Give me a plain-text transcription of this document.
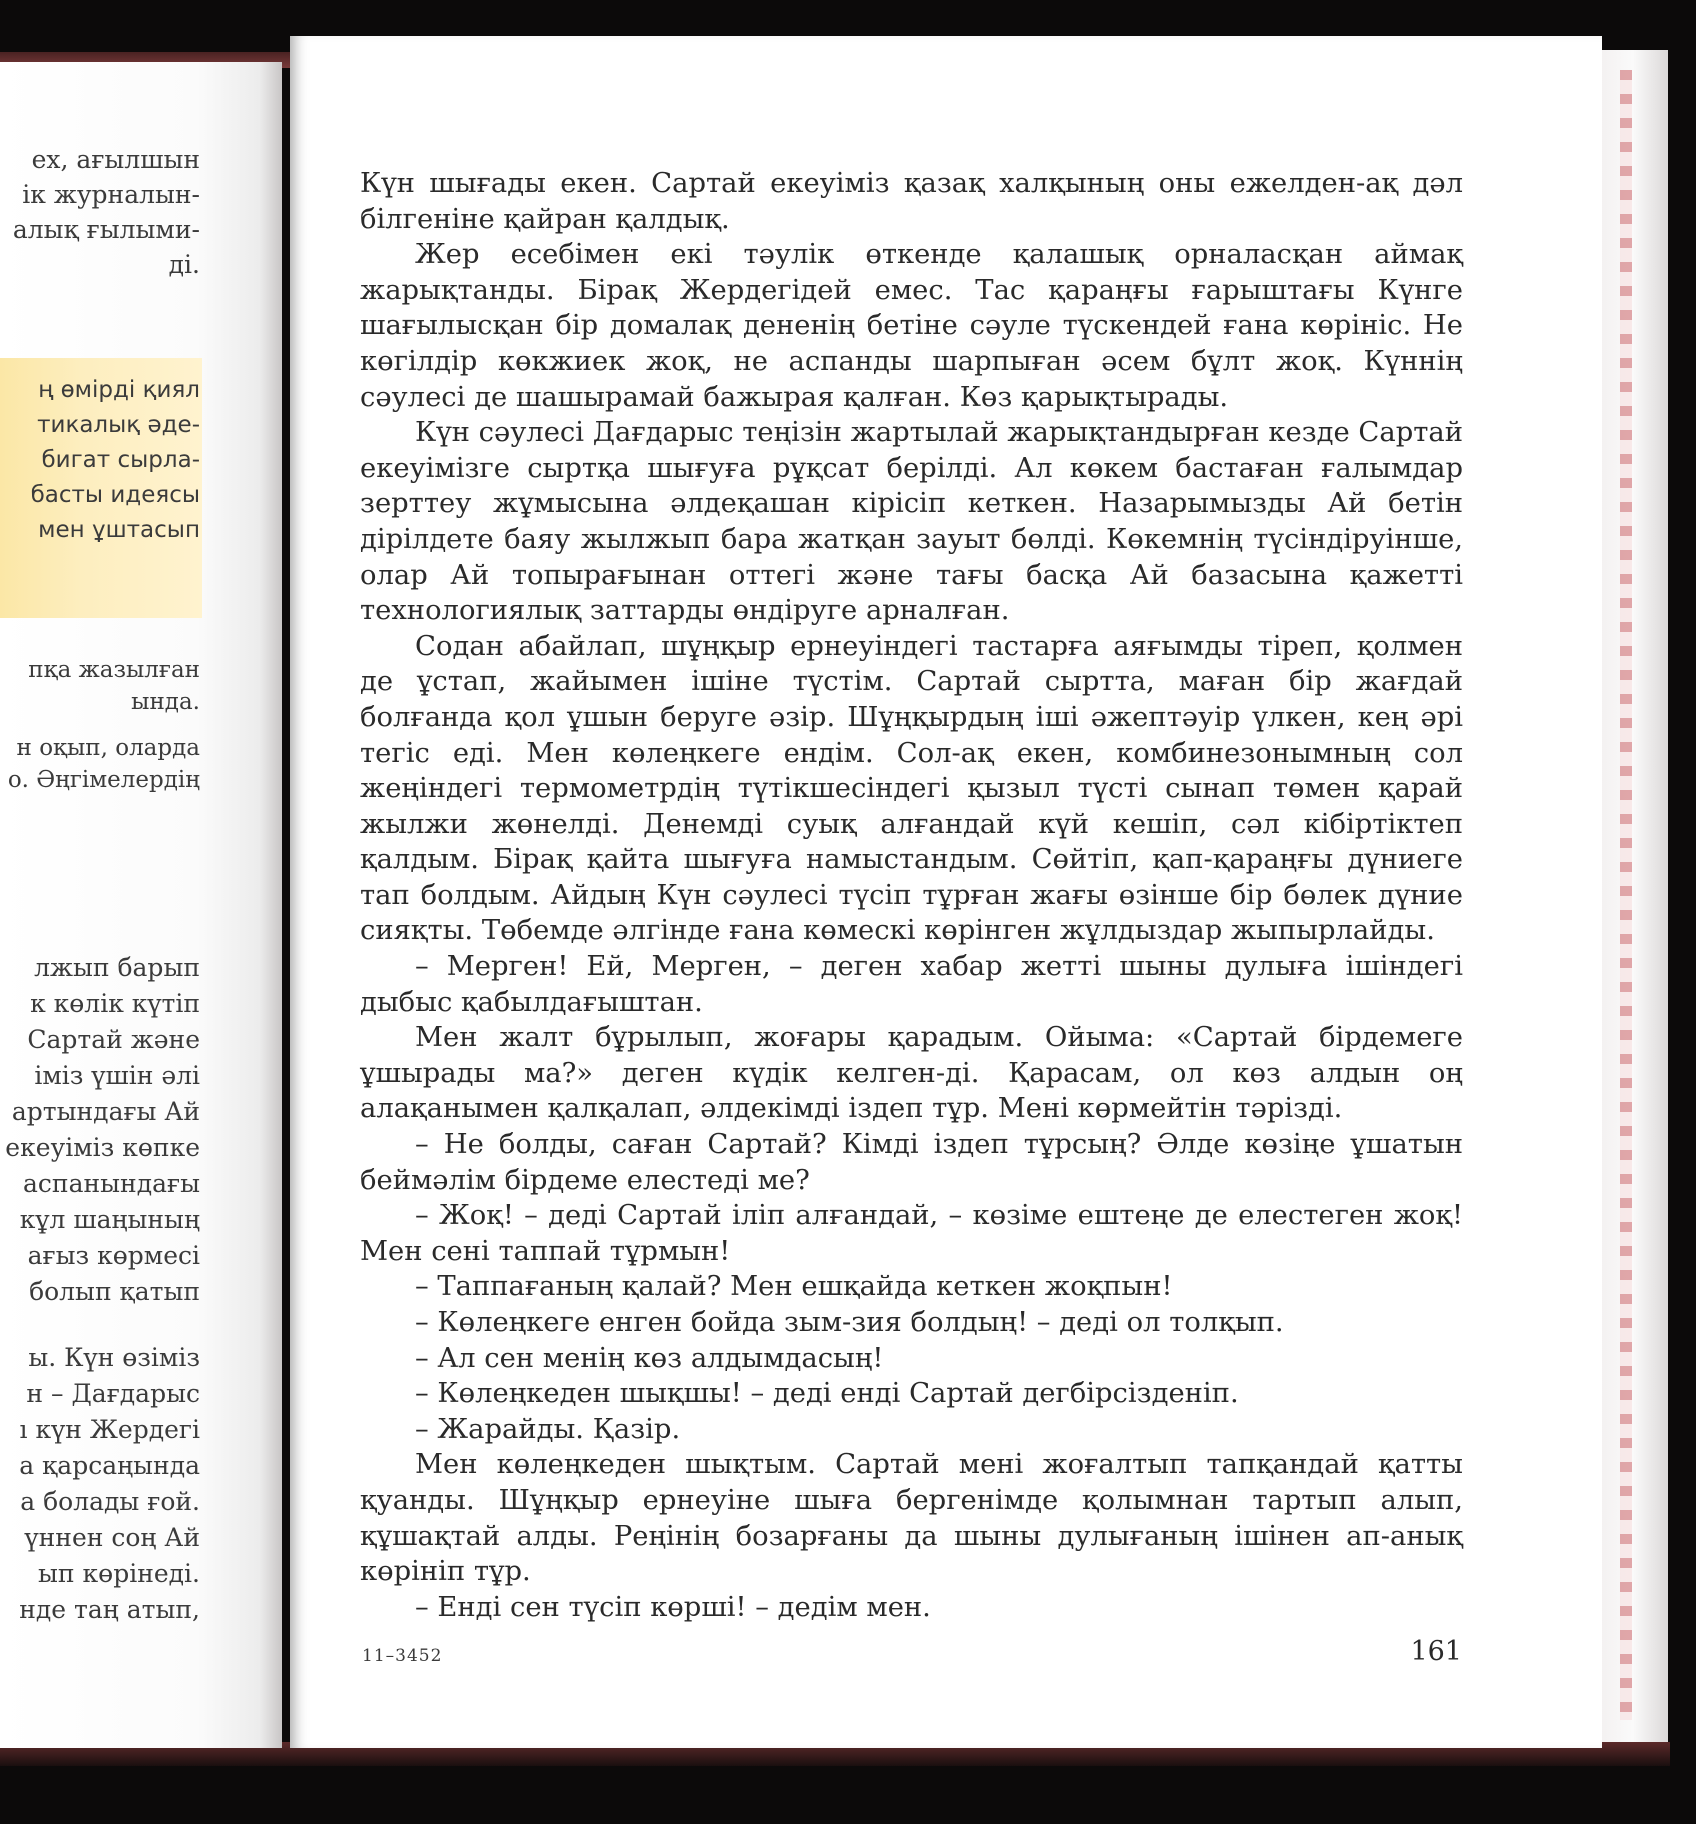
ех, ағылшын
ік журналын-
алық ғылыми-
ді.
ң өмірді қиял
тикалық әде-
бигат сырла-
басты идеясы
мен ұштасып
пқа жазылған
ында.
н оқып, оларда
о. Әңгімелердің
лжып барып
к көлік күтіп
Сартай және
іміз үшін әлі
артындағы Ай
екеуіміз көпке
аспанындағы
кұл шаңының
ағыз көрмесі
болып қатып
ы. Күн өзіміз
н – Дағдарыс
ı күн Жердегі
а қарсаңында
а болады ғой.
үннен соң Ай
ып көрінеді.
нде таң атып,

Күн шығады екен. Сартай екеуіміз қазақ халқының оны ежелден-ақ дәл білгеніне қайран қалдық.

Жер есебімен екі тәулік өткенде қалашық орналасқан аймақ жарықтанды. Бірақ Жердегідей емес. Тас қараңғы ғарыштағы Күнге шағылысқан бір домалақ дененің бетіне сәуле түскендей ғана көрініс. Не көгілдір көкжиек жоқ, не аспанды шарпыған әсем бұлт жоқ. Күннің сәулесі де шашырамай бажырая қалған. Көз қарықтырады.

Күн сәулесі Дағдарыс теңізін жартылай жарықтандырған кезде Сартай екеуімізге сыртқа шығуға рұқсат берілді. Ал көкем бастаған ғалымдар зерттеу жұмысына әлдеқашан кірісіп кеткен. Назарымызды Ай бетін дірілдете баяу жылжып бара жатқан зауыт бөлді. Көкемнің түсіндіруінше, олар Ай топырағынан оттегі және тағы басқа Ай базасына қажетті технологиялық заттарды өндіруге арналған.

Содан абайлап, шұңқыр ернеуіндегі тастарға аяғымды тіреп, қолмен де ұстап, жайымен ішіне түстім. Сартай сыртта, маған бір жағдай болғанда қол ұшын беруге әзір. Шұңқырдың іші әжептәуір үлкен, кең әрі тегіс еді. Мен көлеңкеге ендім. Сол-ақ екен, комбинезонымның сол жеңіндегі термометрдің түтікшесіндегі қызыл түсті сынап төмен қарай жылжи жөнелді. Денемді суық алғандай күй кешіп, сәл кібіртіктеп қалдым. Бірақ қайта шығуға намыстандым. Сөйтіп, қап-қараңғы дүниеге тап болдым. Айдың Күн сәулесі түсіп тұрған жағы өзінше бір бөлек дүние сияқты. Төбемде әлгінде ғана көмескі көрінген жұлдыздар жыпырлайды.

– Мерген! Ей, Мерген, – деген хабар жетті шыны дулыға ішіндегі дыбыс қабылдағыштан.

Мен жалт бұрылып, жоғары қарадым. Ойыма: «Сартай бірдемеге ұшырады ма?» деген күдік келген-ді. Қарасам, ол көз алдын оң алақанымен қалқалап, әлдекімді іздеп тұр. Мені көрмейтін тәрізді.

– Не болды, саған Сартай? Кімді іздеп тұрсың? Әлде көзіңе ұшатын беймәлім бірдеме елестеді ме?

– Жоқ! – деді Сартай іліп алғандай, – көзіме ештеңе де елестеген жоқ! Мен сені таппай тұрмын!

– Таппағаның қалай? Мен ешқайда кеткен жоқпын!

– Көлеңкеге енген бойда зым-зия болдың! – деді ол толқып.

– Ал сен менің көз алдымдасың!

– Көлеңкеден шықшы! – деді енді Сартай дегбірсізденіп.

– Жарайды. Қазір.

Мен көлеңкеден шықтым. Сартай мені жоғалтып тапқандай қатты қуанды. Шұңқыр ернеуіне шыға бергенімде қолымнан тартып алып, құшақтай алды. Реңінің бозарғаны да шыны дулығаның ішінен ап-анық көрініп тұр.

– Енді сен түсіп көрші! – дедім мен.

11–3452	161
